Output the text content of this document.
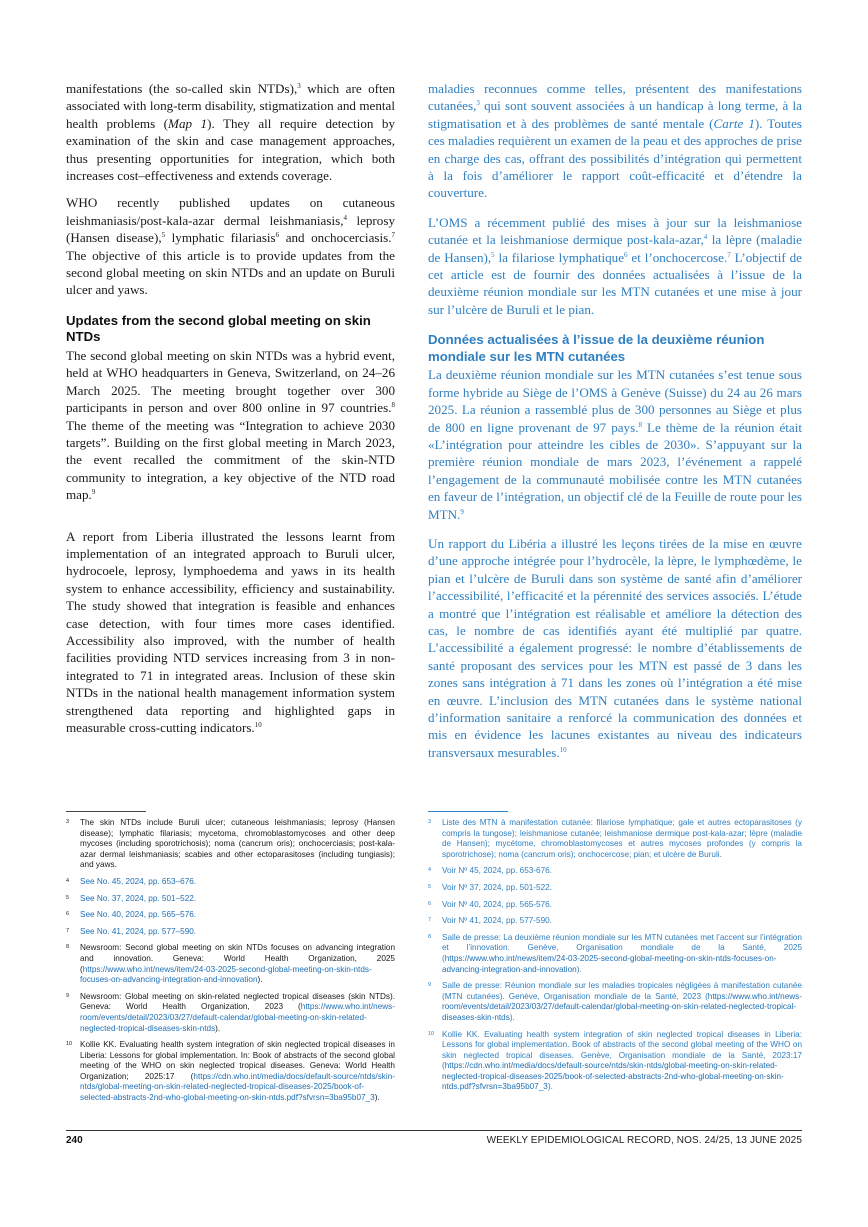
manifestations (the so-called skin NTDs),$^3$ which are often associated with long-term disability, stigmatization and mental health problems (Map 1). They all require detection by examination of the skin and case management approaches, thus presenting opportunities for integration, which both increases cost–effectiveness and extends coverage.

WHO recently published updates on cutaneous leishmaniasis/post-kala-azar dermal leishmaniasis,$^4$ leprosy (Hansen disease),$^5$ lymphatic filariasis$^6$ and onchocerciasis.$^7$ The objective of this article is to provide updates from the second global meeting on skin NTDs and an update on Buruli ulcer and yaws.

Updates from the second global meeting on skin NTDs

The second global meeting on skin NTDs was a hybrid event, held at WHO headquarters in Geneva, Switzerland, on 24–26 March 2025. The meeting brought together over 300 participants in person and over 800 online in 97 countries.$^8$ The theme of the meeting was “Integration to achieve 2030 targets”. Building on the first global meeting in March 2023, the event recalled the commitment of the skin-NTD community to integration, a key objective of the NTD road map.$^9$

A report from Liberia illustrated the lessons learnt from implementation of an integrated approach to Buruli ulcer, hydrocoele, leprosy, lymphoedema and yaws in its health system to enhance accessibility, efficiency and sustainability. The study showed that integration is feasible and enhances case detection, with four times more cases identified. Accessibility also improved, with the number of health facilities providing NTD services increasing from 3 in non-integrated to 71 in integrated areas. Inclusion of these skin NTDs in the national health management information system strengthened data reporting and highlighted gaps in measurable cross-cutting indicators.$^{10}$

maladies reconnues comme telles, présentent des manifestations cutanées,$^3$ qui sont souvent associées à un handicap à long terme, à la stigmatisation et à des problèmes de santé mentale (Carte 1). Toutes ces maladies requièrent un examen de la peau et des approches de prise en charge des cas, offrant des possibilités d’intégration qui permettent à la fois d’améliorer le rapport coût-efficacité et d’étendre la couverture.

L’OMS a récemment publié des mises à jour sur la leishmaniose cutanée et la leishmaniose dermique post-kala-azar,$^4$ la lèpre (maladie de Hansen),$^5$ la filariose lymphatique$^6$ et l’onchocercose.$^7$ L’objectif de cet article est de fournir des données actualisées à l’issue de la deuxième réunion mondiale sur les MTN cutanées et une mise à jour sur l’ulcère de Buruli et le pian.

Données actualisées à l’issue de la deuxième réunion mondiale sur les MTN cutanées

La deuxième réunion mondiale sur les MTN cutanées s’est tenue sous forme hybride au Siège de l’OMS à Genève (Suisse) du 24 au 26 mars 2025. La réunion a rassemblé plus de 300 personnes au Siège et plus de 800 en ligne provenant de 97 pays.$^8$ Le thème de la réunion était «L’intégration pour atteindre les cibles de 2030». S’appuyant sur la première réunion mondiale de mars 2023, l’événement a rappelé l’engagement de la communauté mobilisée contre les MTN cutanées en faveur de l’intégration, un objectif clé de la Feuille de route pour les MTN.$^9$

Un rapport du Libéria a illustré les leçons tirées de la mise en œuvre d’une approche intégrée pour l’hydrocèle, la lèpre, le lymphœdème, le pian et l’ulcère de Buruli dans son système de santé afin d’améliorer l’accessibilité, l’efficacité et la pérennité des services associés. L’étude a montré que l’intégration est réalisable et améliore la détection des cas, le nombre de cas identifiés ayant été multiplié par quatre. L’accessibilité a également progressé: le nombre d’établissements de santé proposant des services pour les MTN est passé de 3 dans les zones sans intégration à 71 dans les zones où l’intégration a été mise en œuvre. L’inclusion des MTN cutanées dans le système national d’information sanitaire a renforcé la communication des données et mis en évidence les lacunes existantes au niveau des indicateurs transversaux mesurables.$^{10}$

3	The skin NTDs include Buruli ulcer; cutaneous leishmaniasis; leprosy (Hansen disease); lymphatic filariasis; mycetoma, chromoblastomycoses and other deep mycoses (including sporotrichosis); noma (cancrum oris); onchocerciasis; post-kala-azar dermal leishmaniasis; scabies and other ectoparasitoses (including tungiasis); and yaws.
4	See No. 45, 2024, pp. 653–676.
5	See No. 37, 2024, pp. 501–522.
6	See No. 40, 2024, pp. 565–576.
7	See No. 41, 2024, pp. 577–590.
8	Newsroom: Second global meeting on skin NTDs focuses on advancing integration and innovation. Geneva: World Health Organization, 2025 (https://www.who.int/news/item/24-03-2025-second-global-meeting-on-skin-ntds-focuses-on-advancing-integration-and-innovation).
9	Newsroom: Global meeting on skin-related neglected tropical diseases (skin NTDs). Geneva: World Health Organization, 2023 (https://www.who.int/news-room/events/detail/2023/03/27/default-calendar/global-meeting-on-skin-related-neglected-tropical-diseases-skin-ntds).
10 Kollie KK. Evaluating health system integration of skin neglected tropical diseases in Liberia: Lessons for global implementation. In: Book of abstracts of the second global meeting of the WHO on skin neglected tropical diseases. Geneva: World Health Organization; 2025:17 (https://cdn.who.int/media/docs/default-source/ntds/skin-ntds/global-meeting-on-skin-related-neglected-tropical-diseases-2025/book-of-selected-abstracts-2nd-who-global-meeting-on-skin-ntds.pdf?sfvrsn=3ba95b07_3).
3	Liste des MTN à manifestation cutanée: filariose lymphatique; gale et autres ectoparasitoses (y compris la tungose); leishmaniose cutanée; leishmaniose dermique post-kala-azar; lèpre (maladie de Hansen); mycétome, chromoblastomycoses et autres mycoses profondes (y compris la sporotrichose); noma (cancrum oris); onchocercose; pian; et ulcère de Buruli.
4	Voir Nº 45, 2024, pp. 653-676.
5	Voir Nº 37, 2024, pp. 501-522.
6	Voir Nº 40, 2024, pp. 565-576.
7	Voir Nº 41, 2024, pp. 577-590.
8	Salle de presse: La deuxième réunion mondiale sur les MTN cutanées met l’accent sur l’intégration et l’innovation. Genève, Organisation mondiale de la Santé, 2025 (https://www.who.int/news/item/24-03-2025-second-global-meeting-on-skin-ntds-focuses-on-advancing-integration-and-innovation).
9	Salle de presse: Réunion mondiale sur les maladies tropicales négligées à manifestation cutanée (MTN cutanées). Genève, Organisation mondiale de la Santé, 2023 (https://www.who.int/news-room/events/detail/2023/03/27/default-calendar/global-meeting-on-skin-related-neglected-tropical-diseases-skin-ntds).
10 Kollie KK. Evaluating health system integration of skin neglected tropical diseases in Liberia: Lessons for global implementation. Book of abstracts of the second global meeting of the WHO on skin neglected tropical diseases. Genève, Organisation mondiale de la Santé, 2023:17 (https://cdn.who.int/media/docs/default-source/ntds/skin-ntds/global-meeting-on-skin-related-neglected-tropical-diseases-2025/book-of-selected-abstracts-2nd-who-global-meeting-on-skin-ntds.pdf?sfvrsn=3ba95b07_3).
240	WEEKLY EPIDEMIOLOGICAL RECORD, NOS. 24/25, 13 JUNE 2025
